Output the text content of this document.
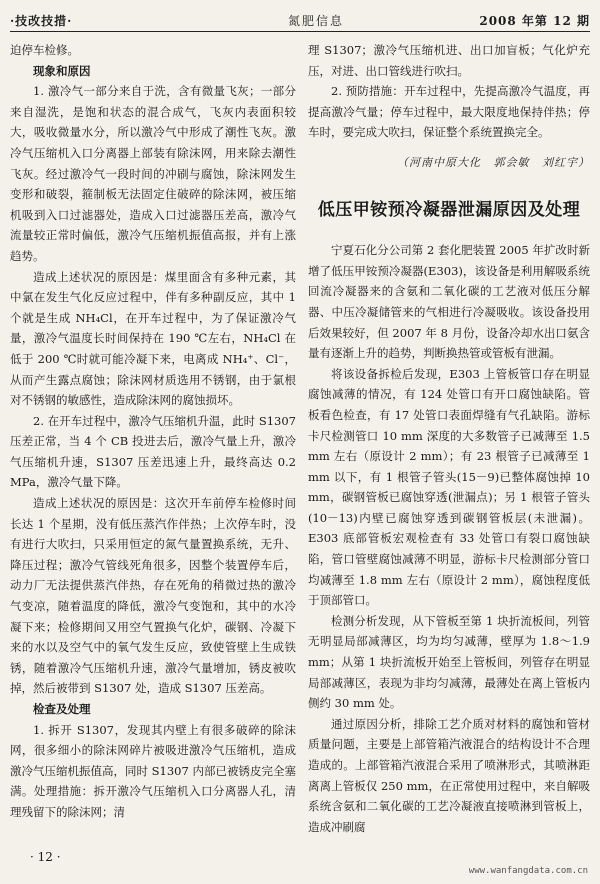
·技改技措·	氮肥信息	2008 年第 12 期

迫停车检修。

现象和原因

1. 激冷气一部分来自于洗，含有微量飞灰；一部分来自湿洗，是饱和状态的混合成气，飞灰内表面积较大，吸收微量水分，所以激冷气中形成了潮性飞灰。激冷气压缩机入口分离器上部装有除沫网，用来除去潮性飞灰。经过激冷气一段时间的冲刷与腐蚀，除沫网发生变形和破裂，箍制板无法固定住破碎的除沫网，被压缩机吸到入口过滤器处，造成入口过滤器压差高，激冷气流量较正常时偏低，激冷气压缩机振值高报，并有上涨趋势。

造成上述状况的原因是：煤里面含有多种元素，其中氯在发生气化反应过程中，伴有多种副反应，其中 1 个就是生成 NH₄Cl，在开车过程中，为了保证激冷气量，激冷气温度长时间保持在 190 ℃左右，NH₄Cl 在低于 200 ℃时就可能冷凝下来，电离成 NH₄⁺、Cl⁻，从而产生露点腐蚀；除沫网材质选用不锈钢，由于氯根对不锈钢的敏感性，造成除沫网的腐蚀损坏。

2. 在开车过程中，激冷气压缩机升温，此时 S1307 压差正常，当 4 个 CB 投进去后，激冷气量上升，激冷气压缩机升速，S1307 压差迅速上升，最终高达 0.2 MPa，激冷气量下降。

造成上述状况的原因是：这次开车前停车检修时间长达 1 个星期，没有低压蒸汽作伴热；上次停车时，没有进行大吹扫，只采用恒定的氮气量置换系统，无升、降压过程；激冷气管线死角很多，因整个装置停车后，动力厂无法提供蒸汽伴热，存在死角的稍微过热的激冷气变凉，随着温度的降低，激冷气变饱和，其中的水冷凝下来；检修期间又用空气置换气化炉，碳钢、冷凝下来的水以及空气中的氧气发生反应，致使管壁上生成铁锈，随着激冷气压缩机升速，激冷气量增加，锈皮被吹掉，然后被带到 S1307 处，造成 S1307 压差高。

检查及处理

1. 拆开 S1307，发现其内壁上有很多破碎的除沫网，很多细小的除沫网碎片被吸进激冷气压缩机，造成激冷气压缩机振值高，同时 S1307 内部已被锈皮完全塞满。处理措施：拆开激冷气压缩机入口分离器人孔，清理残留下的除沫网；清

理 S1307；激冷气压缩机进、出口加盲板；气化炉充压，对进、出口管线进行吹扫。

2. 预防措施：开车过程中，先提高激冷气温度，再提高激冷气量；停车过程中，最大限度地保持伴热；停车时，要完成大吹扫，保证整个系统置换完全。

（河南中原大化 郭会敏 刘红宇）

低压甲铵预冷凝器泄漏原因及处理

宁夏石化分公司第 2 套化肥装置 2005 年扩改时新增了低压甲铵预冷凝器(E303)，该设备是利用解吸系统回流冷凝器来的含氨和二氧化碳的工艺液对低压分解器、中压冷凝储管来的气相进行冷凝吸收。该设备投用后效果较好，但 2007 年 8 月份，设备冷却水出口氨含量有逐渐上升的趋势，判断换热管或管板有泄漏。

将该设备拆检后发现，E303 上管板管口存在明显腐蚀减薄的情况，有 124 处管口有开口腐蚀缺陷。管板看色检查，有 17 处管口表面焊缝有气孔缺陷。游标卡尺检测管口 10 mm 深度的大多数管子已减薄至 1.5 mm 左右（原设计 2 mm）；有 23 根管子已减薄至 1 mm 以下，有 1 根管子管头(15－9)已整体腐蚀掉 10 mm，碳钢管板已腐蚀穿透(泄漏点)；另 1 根管子管头(10－13)内壁已腐蚀穿透到碳钢管板层(未泄漏)。E303 底部管板宏观检查有 33 处管口有裂口腐蚀缺陷，管口管壁腐蚀减薄不明显，游标卡尺检测部分管口均减薄至 1.8 mm 左右（原设计 2 mm），腐蚀程度低于顶部管口。

检测分析发现，从下管板至第 1 块折流板间，列管无明显局部减薄区，均为均匀减薄，壁厚为 1.8～1.9 mm；从第 1 块折流板开始至上管板间，列管存在明显局部减薄区，表现为非均匀减薄，最薄处在离上管板内侧约 30 mm 处。

通过原因分析，排除工艺介质对材料的腐蚀和管材质量问题，主要是上部管箱汽液混合的结构设计不合理造成的。上部管箱汽液混合采用了喷淋形式，其喷淋距离离上管板仅 250 mm，在正常使用过程中，来自解吸系统含氨和二氧化碳的工艺冷凝液直接喷淋到管板上，造成冲刷腐

· 12 ·
www.wanfangdata.com.cn
